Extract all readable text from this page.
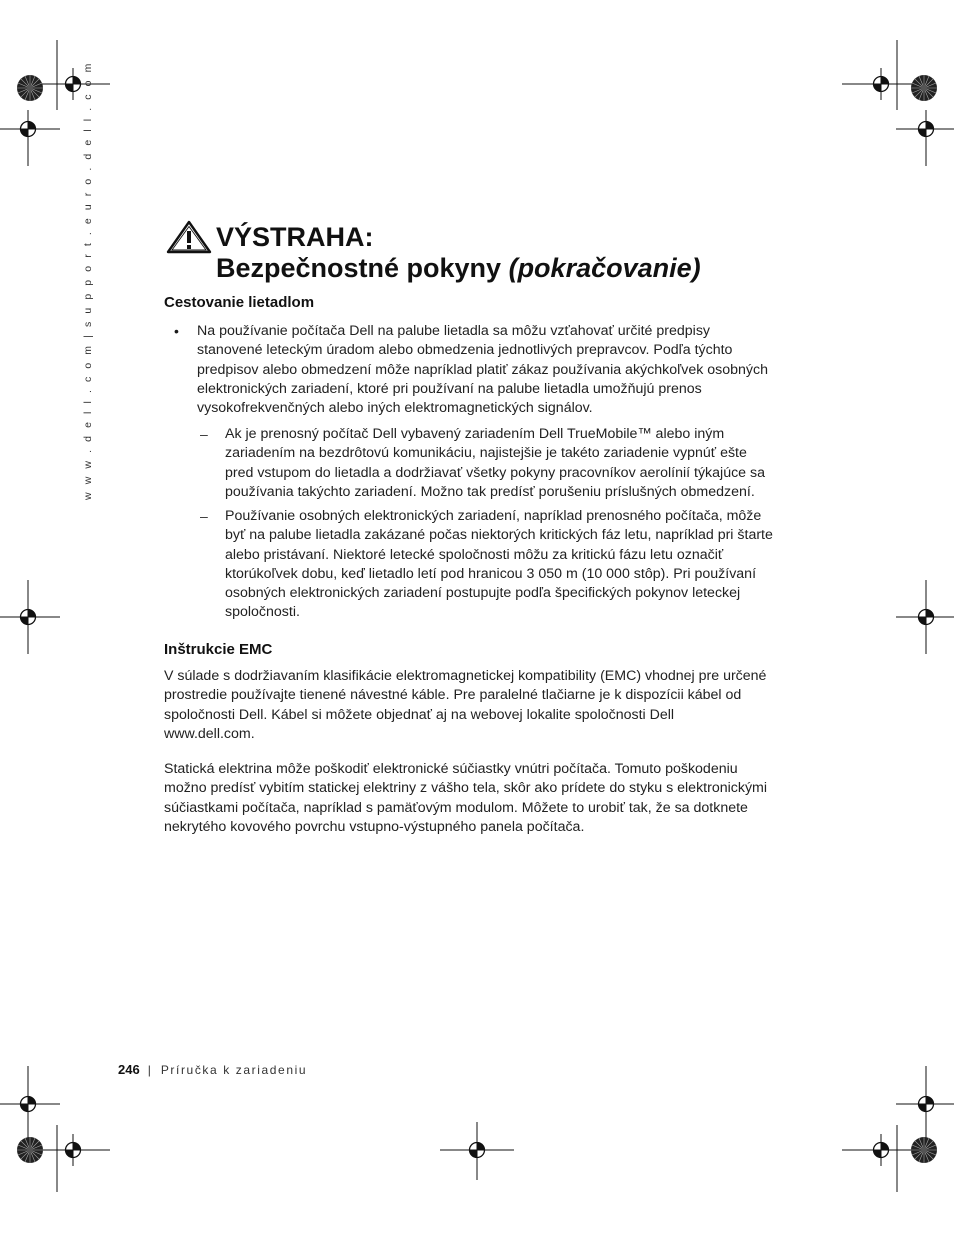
w w w . d e l l . c o m | s u p p o r t . e u r o . d e l l . c o m	VÝSTRAHA:
Bezpečnostné pokyny (pokračovanie)
Cestovanie lietadlom
• Na používanie počítača Dell na palube lietadla sa môžu vzťahovať určité predpisy stanovené leteckým úradom alebo obmedzenia jednotlivých prepravcov. Podľa týchto predpisov alebo obmedzení môže napríklad platiť zákaz používania akýchkoľvek osobných elektronických zariadení, ktoré pri používaní na palube lietadla umožňujú prenos vysokofrekvenčných alebo iných elektromagnetických signálov.
– Ak je prenosný počítač Dell vybavený zariadením Dell TrueMobile™ alebo iným zariadením na bezdrôtovú komunikáciu, najistejšie je takéto zariadenie vypnúť ešte pred vstupom do lietadla a dodržiavať všetky pokyny pracovníkov aerolínií týkajúce sa používania takýchto zariadení. Možno tak predísť porušeniu príslušných obmedzení.
– Používanie osobných elektronických zariadení, napríklad prenosného počítača, môže byť na palube lietadla zakázané počas niektorých kritických fáz letu, napríklad pri štarte alebo pristávaní. Niektoré letecké spoločnosti môžu za kritickú fázu letu označiť ktorúkoľvek dobu, keď lietadlo letí pod hranicou 3 050 m (10 000 stôp). Pri používaní osobných elektronických zariadení postupujte podľa špecifických pokynov leteckej spoločnosti.
Inštrukcie EMC
V súlade s dodržiavaním klasifikácie elektromagnetickej kompatibility (EMC) vhodnej pre určené prostredie používajte tienené návestné káble. Pre paralelné tlačiarne je k dispozícii kábel od spoločnosti Dell. Kábel si môžete objednať aj na webovej lokalite spoločnosti Dell
www.dell.com.
Statická elektrina môže poškodiť elektronické súčiastky vnútri počítača. Tomuto poškodeniu možno predísť vybitím statickej elektriny z vášho tela, skôr ako prídete do styku s elektronickými súčiastkami počítača, napríklad s pamäťovým modulom. Môžete to urobiť tak, že sa dotknete nekrytého kovového povrchu vstupno-výstupného panela počítača.
246 | Príručka k zariadeniu
